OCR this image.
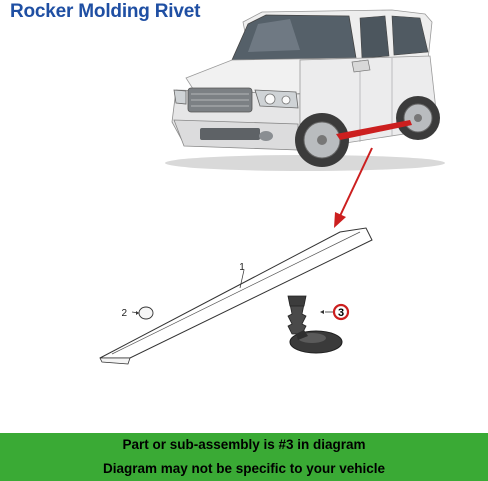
Rocker Molding Rivet
1
2	3
Part or sub-assembly is #3 in diagram
Diagram may not be specific to your vehicle
